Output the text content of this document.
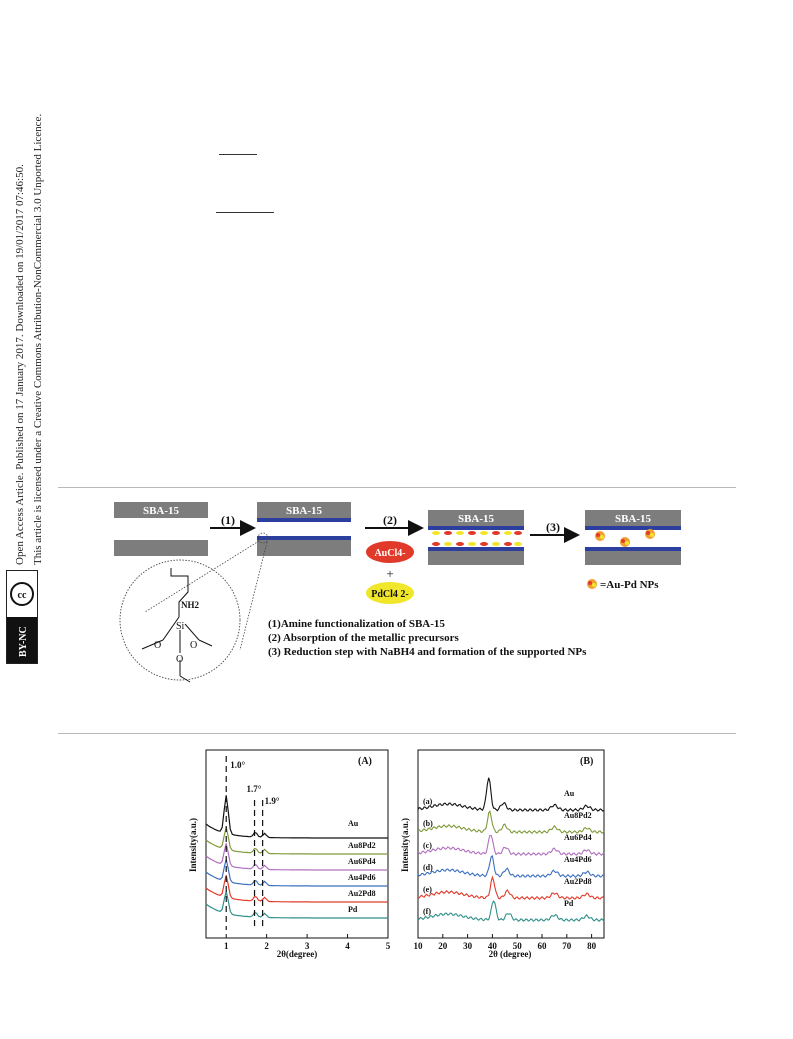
Open Access Article. Published on 17 January 2017. Downloaded on 19/01/2017 07:46:50. This article is licensed under a Creative Commons Attribution-NonCommercial 3.0 Unported Licence.
cc
BY-NC
SBA-15
(1)
SBA-15
NH2
Si
O	O
O
(2)
AuCl4-
+
PdCl4 2-
SBA-15
(3)
SBA-15
=Au-Pd NPs
(1)Amine functionalization of SBA-15
(2) Absorption of the metallic precursors
(3) Reduction step with NaBH4 and formation of the supported NPs
1	2	3	4	5
Au
Au8Pd2
Au6Pd4
Au4Pd6
Au2Pd8
Pd
(A)
1.0°
1.7°
1.9°
2θ(degree)
Intensity(a.u.)
10 20 30 40 50 60 70 80
(a)
Au
(b)
Au8Pd2
(c)
Au6Pd4
(d)
Au4Pd6
(e)
Au2Pd8
(f)
Pd
(B)
2θ (degree)
Intensity(a.u.)
